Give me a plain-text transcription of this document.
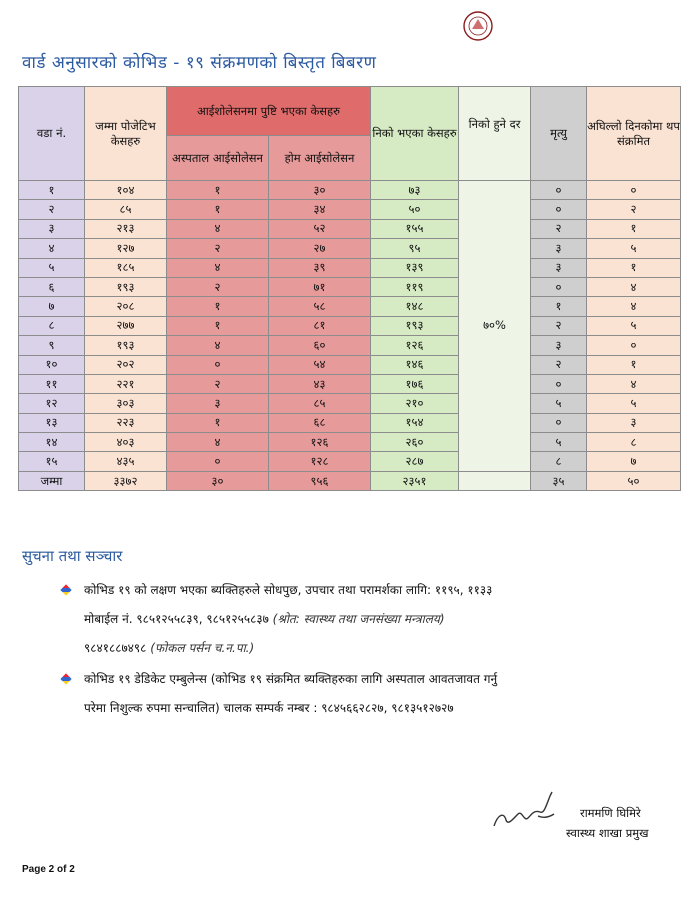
वार्ड अनुसारको कोभिड - १९ संक्रमणको बिस्तृत बिबरण
वडा नं.	जम्मा पोजेटिभ केसहरु	आईशोलेसनमा पुष्टि भएका केसहरु		निको भएका केसहरु	निको हुने दर	मृत्यु	अघिल्लो दिनकोमा थप संक्रमित
		अस्पताल आईसोलेसन	होम आईसोलेसन				
१	१०४	१	३०	७३	७०%	०	०
२	८५	१	३४	५०		०	२
३	२१३	४	५२	१५५		२	१
४	१२७	२	२७	९५		३	५
५	१८५	४	३९	१३९		३	१
६	१९३	२	७१	११९		०	४
७	२०८	१	५८	१४८		१	४
८	२७७	१	८१	१९३		२	५
९	१९३	४	६०	१२६		३	०
१०	२०२	०	५४	१४६		२	१
११	२२१	२	४३	१७६		०	४
१२	३०३	३	८५	२१०		५	५
१३	२२३	१	६८	१५४		०	३
१४	४०३	४	१२६	२६०		५	८
१५	४३५	०	१२८	२८७		८	७
जम्मा	३३७२	३०	९५६	२३५१		३५	५०
सुचना तथा सञ्चार
कोभिड १९ को लक्षण भएका ब्यक्तिहरुले सोधपुछ, उपचार तथा परामर्शका लागि: ११९५, ११३३
मोबाईल नं. ९८५१२५५८३९, ९८५१२५५८३७ (श्रोत: स्वास्थ्य तथा जनसंख्या मन्त्रालय)
९८४१८८७४९८ (फोकल पर्सन च.न.पा.)
कोभिड १९ डेडिकेट एम्बुलेन्स (कोभिड १९ संक्रमित ब्यक्तिहरुका लागि अस्पताल आवतजावत गर्नु
परेमा निशुल्क रुपमा सन्चालित) चालक सम्पर्क नम्बर : ९८४५६६२८२७, ९८१३५१२७२७
राममणि घिमिरे
स्वास्थ्य शाखा प्रमुख
Page 2 of 2
